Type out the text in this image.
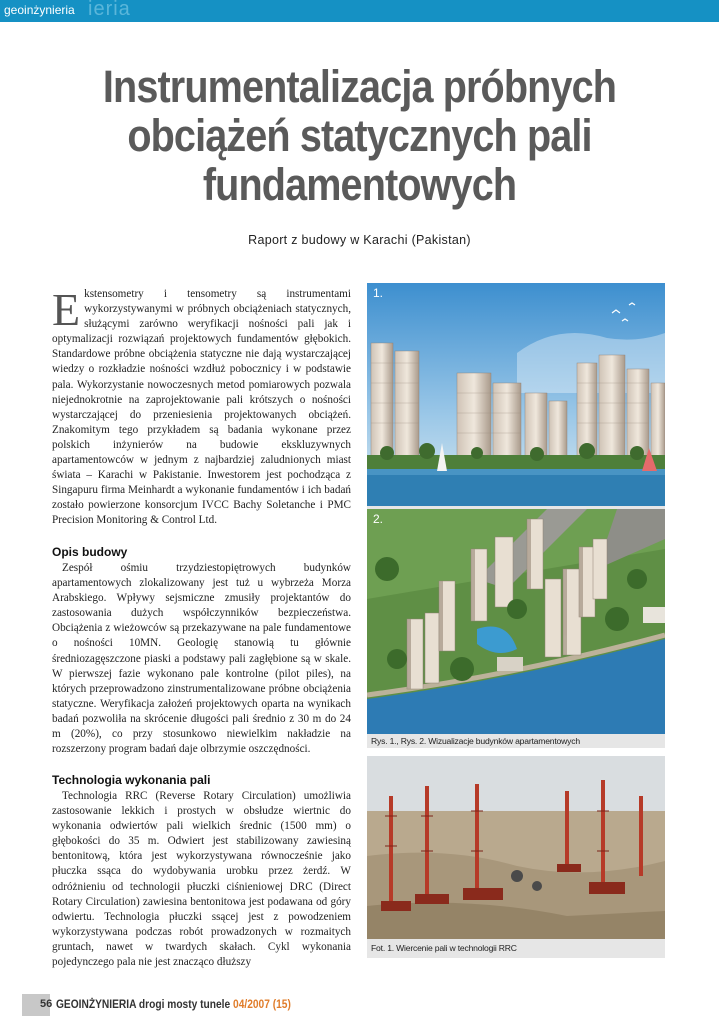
geoinżynieria ieria
Instrumentalizacja próbnych
obciążeń statycznych pali
fundamentowych
Raport z budowy w Karachi (Pakistan)

Ekstensometry i tensometry są instrumentami wykorzystywanymi w próbnych obciążeniach statycznych, służącymi zarówno weryfikacji nośności pali jak i optymalizacji rozwiązań projektowych fundamentów głębokich. Standardowe próbne obciążenia statyczne nie dają wystarczającej wiedzy o rozkładzie nośności wzdłuż pobocznicy i w podstawie pala. Wykorzystanie nowoczesnych metod pomiarowych pozwala niejednokrotnie na zaprojektowanie pali krótszych o nośności wystarczającej do przeniesienia projektowanych obciążeń. Znakomitym tego przykładem są badania wykonane przez polskich inżynierów na budowie ekskluzywnych apartamentowców w jednym z najbardziej zaludnionych miast świata – Karachi w Pakistanie. Inwestorem jest pochodząca z Singapuru firma Meinhardt a wykonanie fundamentów i ich badań zostało powierzone konsorcjum IVCC Bachy Soletanche i PMC Precision Monitoring & Control Ltd.

Opis budowy

Zespół ośmiu trzydziestopiętrowych budynków apartamentowych zlokalizowany jest tuż u wybrzeża Morza Arabskiego. Wpływy sejsmiczne zmusiły projektantów do zastosowania dużych współczynników bezpieczeństwa. Obciążenia z wieżowców są przekazywane na pale fundamentowe o nośności 10MN. Geologię stanowią tu głównie średniozagęszczone piaski a podstawy pali zagłębione są w skale. W pierwszej fazie wykonano pale kontrolne (pilot piles), na których przeprowadzono zinstrumentalizowane próbne obciążenia statyczne. Weryfikacja założeń projektowych oparta na wynikach badań pozwoliła na skrócenie długości pali średnio z 30 m do 24 m (20%), co przy stosunkowo niewielkim nakładzie na rozszerzony program badań daje olbrzymie oszczędności.

Technologia wykonania pali

Technologia RRC (Reverse Rotary Circulation) umożliwia zastosowanie lekkich i prostych w obsłudze wiertnic do wykonania odwiertów pali wielkich średnic (1500 mm) o głębokości do 35 m. Odwiert jest stabilizowany zawiesiną bentonitową, która jest wykorzystywana równocześnie jako płuczka ssąca do wydobywania urobku przez żerdź. W odróżnieniu od technologii płuczki ciśnieniowej DRC (Direct Rotary Circulation) zawiesina bentonitowa jest podawana od góry odwiertu. Technologia płuczki ssącej jest z powodzeniem wykorzystywana podczas robót prowadzonych w rozmaitych gruntach, nawet w twardych skałach. Cykl wykonania pojedynczego pala nie jest znacząco dłuższy

1.
2.
Rys. 1., Rys. 2. Wizualizacje budynków apartamentowych
Fot. 1. Wiercenie pali w technologii RRC
56 GEOINŻYNIERIA drogi mosty tunele 04/2007 (15)
